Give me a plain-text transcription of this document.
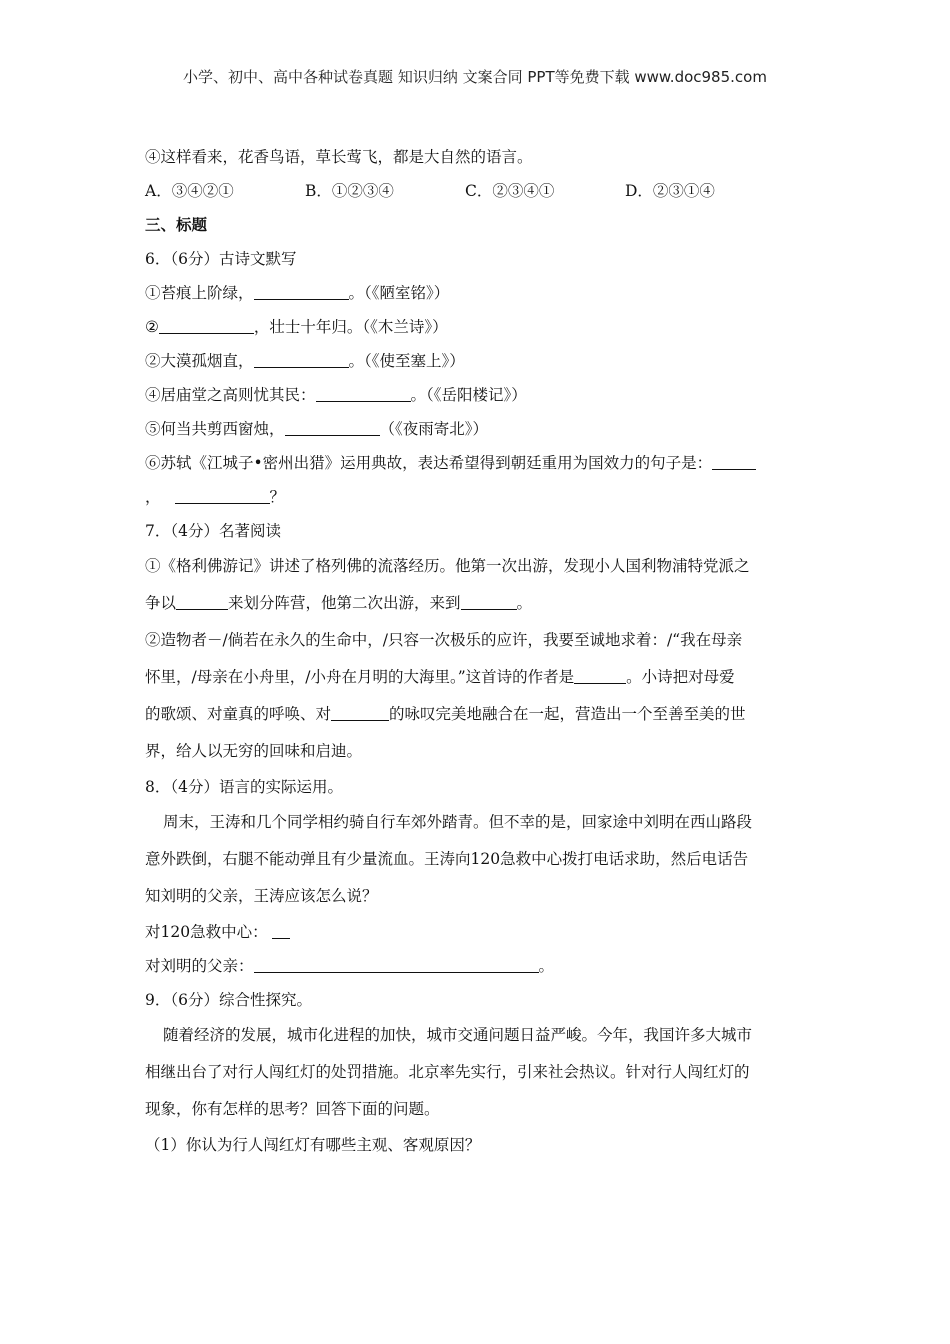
小学、初中、高中各种试卷真题 知识归纳 文案合同 PPT等免费下载 www.doc985.com
④这样看来，花香鸟语，草长莺飞，都是大自然的语言。
A．③④②①	B．①②③④	C．②③④①	D．②③①④
三、标题
6．（6分）古诗文默写
①苔痕上阶绿，	。（《陋室铭》）
②	，壮士十年归。（《木兰诗》）
②大漠孤烟直，	。（《使至塞上》）
④居庙堂之高则忧其民：	。（《岳阳楼记》）
⑤何当共剪西窗烛，	（《夜雨寄北》）
⑥苏轼《江城子•密州出猎》运用典故，表达希望得到朝廷重用为国效力的句子是：
，	？
7．（4分）名著阅读
①《格利佛游记》讲述了格列佛的流落经历。他第一次出游，发现小人国利物浦特党派之
争以	来划分阵营，他第二次出游，来到	。
②造物者－/倘若在永久的生命中，/只容一次极乐的应许，我要至诚地求着：/“我在母亲
怀里，/母亲在小舟里，/小舟在月明的大海里。”这首诗的作者是	。小诗把对母爱
的歌颂、对童真的呼唤、对	的咏叹完美地融合在一起，营造出一个至善至美的世
界，给人以无穷的回味和启迪。
8．（4分）语言的实际运用。
周末，王涛和几个同学相约骑自行车郊外踏青。但不幸的是，回家途中刘明在西山路段
意外跌倒，右腿不能动弹且有少量流血。王涛向120急救中心拨打电话求助，然后电话告
知刘明的父亲，王涛应该怎么说？
对120急救中心：
对刘明的父亲：	。
9．（6分）综合性探究。
随着经济的发展，城市化进程的加快，城市交通问题日益严峻。今年，我国许多大城市
相继出台了对行人闯红灯的处罚措施。北京率先实行，引来社会热议。针对行人闯红灯的
现象，你有怎样的思考？回答下面的问题。
（1）你认为行人闯红灯有哪些主观、客观原因？
